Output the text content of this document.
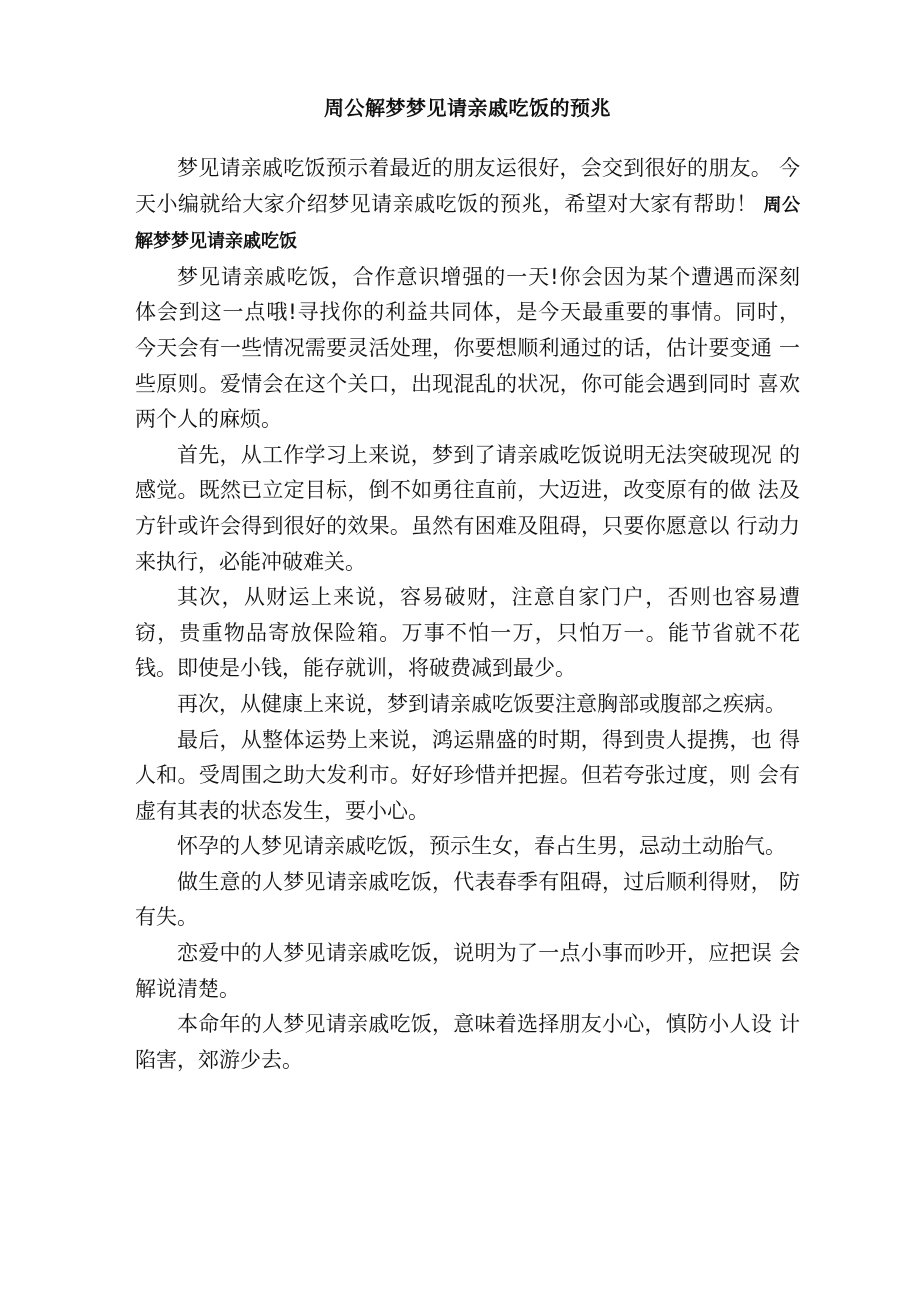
周公解梦梦见请亲戚吃饭的预兆

梦见请亲戚吃饭预示着最近的朋友运很好，会交到很好的朋友。 今天小编就给大家介绍梦见请亲戚吃饭的预兆，希望对大家有帮助！ 周公解梦梦见请亲戚吃饭

梦见请亲戚吃饭，合作意识增强的一天!你会因为某个遭遇而深刻 体会到这一点哦!寻找你的利益共同体，是今天最重要的事情。同时， 今天会有一些情况需要灵活处理，你要想顺利通过的话，估计要变通 一些原则。爱情会在这个关口，出现混乱的状况，你可能会遇到同时 喜欢两个人的麻烦。

首先，从工作学习上来说，梦到了请亲戚吃饭说明无法突破现况 的感觉。既然已立定目标，倒不如勇往直前，大迈进，改变原有的做 法及方针或许会得到很好的效果。虽然有困难及阻碍，只要你愿意以 行动力来执行，必能冲破难关。

其次，从财运上来说，容易破财，注意自家门户，否则也容易遭 窃，贵重物品寄放保险箱。万事不怕一万，只怕万一。能节省就不花 钱。即使是小钱，能存就训，将破费减到最少。

再次，从健康上来说，梦到请亲戚吃饭要注意胸部或腹部之疾病。

最后，从整体运势上来说，鸿运鼎盛的时期，得到贵人提携，也 得人和。受周围之助大发利市。好好珍惜并把握。但若夸张过度，则 会有虚有其表的状态发生，要小心。

怀孕的人梦见请亲戚吃饭，预示生女，春占生男，忌动土动胎气。

做生意的人梦见请亲戚吃饭，代表春季有阻碍，过后顺利得财， 防有失。

恋爱中的人梦见请亲戚吃饭，说明为了一点小事而吵开，应把误 会解说清楚。

本命年的人梦见请亲戚吃饭，意味着选择朋友小心，慎防小人设 计陷害，郊游少去。
